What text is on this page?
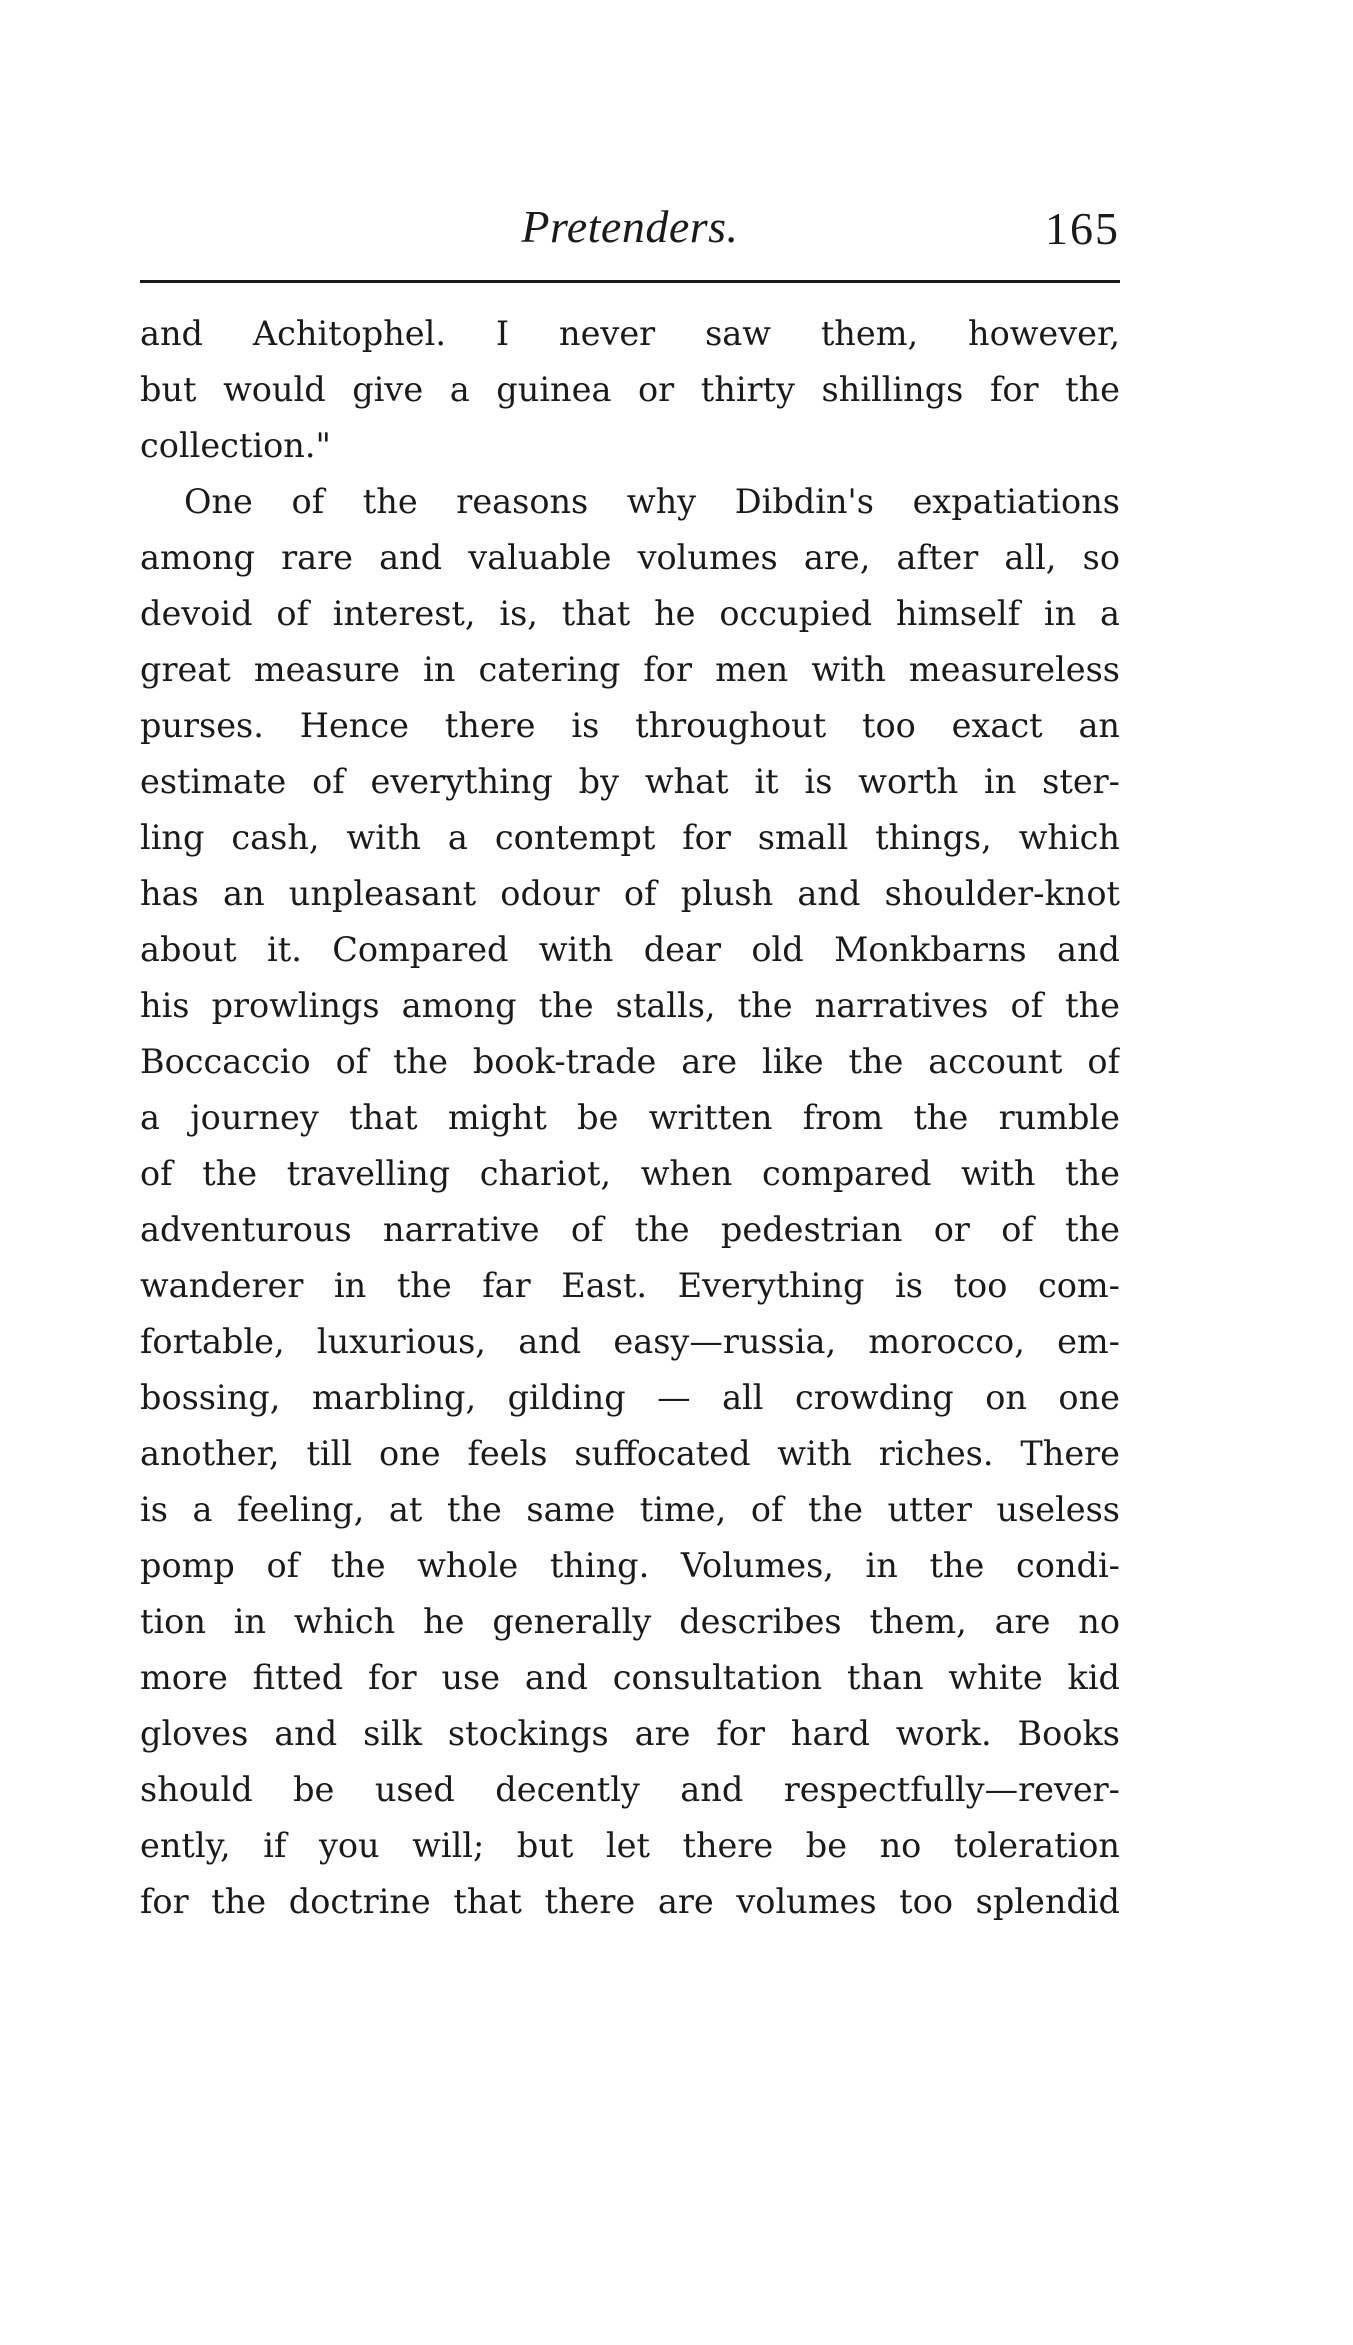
Pretenders.	165
and Achitophel. I never saw them, however,
but would give a guinea or thirty shillings for the
collection."
One of the reasons why Dibdin's expatiations
among rare and valuable volumes are, after all, so
devoid of interest, is, that he occupied himself in a
great measure in catering for men with measureless
purses. Hence there is throughout too exact an
estimate of everything by what it is worth in ster-
ling cash, with a contempt for small things, which
has an unpleasant odour of plush and shoulder-knot
about it. Compared with dear old Monkbarns and
his prowlings among the stalls, the narratives of the
Boccaccio of the book-trade are like the account of
a journey that might be written from the rumble
of the travelling chariot, when compared with the
adventurous narrative of the pedestrian or of the
wanderer in the far East. Everything is too com-
fortable, luxurious, and easy—russia, morocco, em-
bossing, marbling, gilding — all crowding on one
another, till one feels suffocated with riches. There
is a feeling, at the same time, of the utter useless
pomp of the whole thing. Volumes, in the condi-
tion in which he generally describes them, are no
more fitted for use and consultation than white kid
gloves and silk stockings are for hard work. Books
should be used decently and respectfully—rever-
ently, if you will; but let there be no toleration
for the doctrine that there are volumes too splendid
